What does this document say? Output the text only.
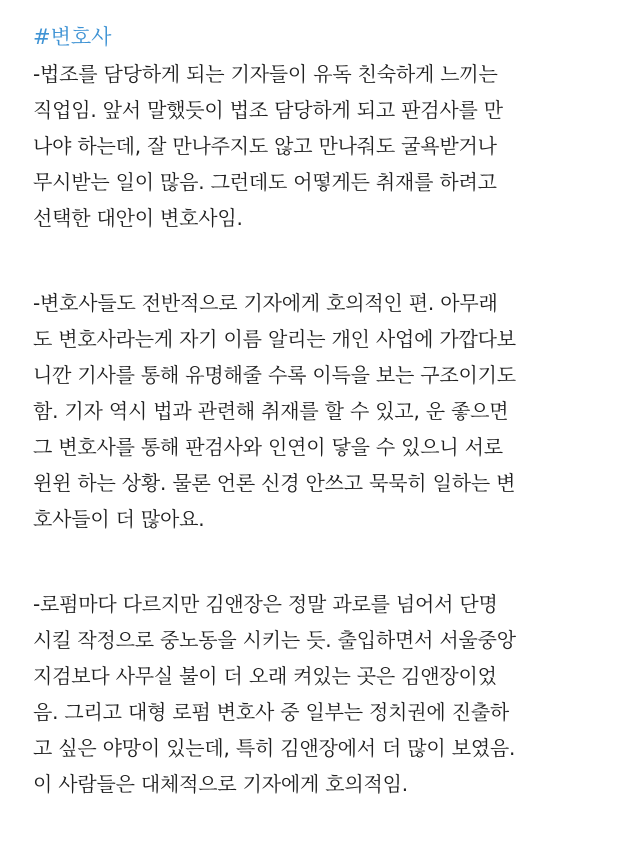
#변호사
-법조를 담당하게 되는 기자들이 유독 친숙하게 느끼는
직업임. 앞서 말했듯이 법조 담당하게 되고 판검사를 만
나야 하는데, 잘 만나주지도 않고 만나줘도 굴욕받거나
무시받는 일이 많음. 그런데도 어떻게든 취재를 하려고
선택한 대안이 변호사임.
-변호사들도 전반적으로 기자에게 호의적인 편. 아무래
도 변호사라는게 자기 이름 알리는 개인 사업에 가깝다보
니깐 기사를 통해 유명해줄 수록 이득을 보는 구조이기도
함. 기자 역시 법과 관련해 취재를 할 수 있고, 운 좋으면
그 변호사를 통해 판검사와 인연이 닿을 수 있으니 서로
윈윈 하는 상황. 물론 언론 신경 안쓰고 묵묵히 일하는 변
호사들이 더 많아요.
-로펌마다 다르지만 김앤장은 정말 과로를 넘어서 단명
시킬 작정으로 중노동을 시키는 듯. 출입하면서 서울중앙
지검보다 사무실 불이 더 오래 켜있는 곳은 김앤장이었
음. 그리고 대형 로펌 변호사 중 일부는 정치권에 진출하
고 싶은 야망이 있는데, 특히 김앤장에서 더 많이 보였음.
이 사람들은 대체적으로 기자에게 호의적임.
